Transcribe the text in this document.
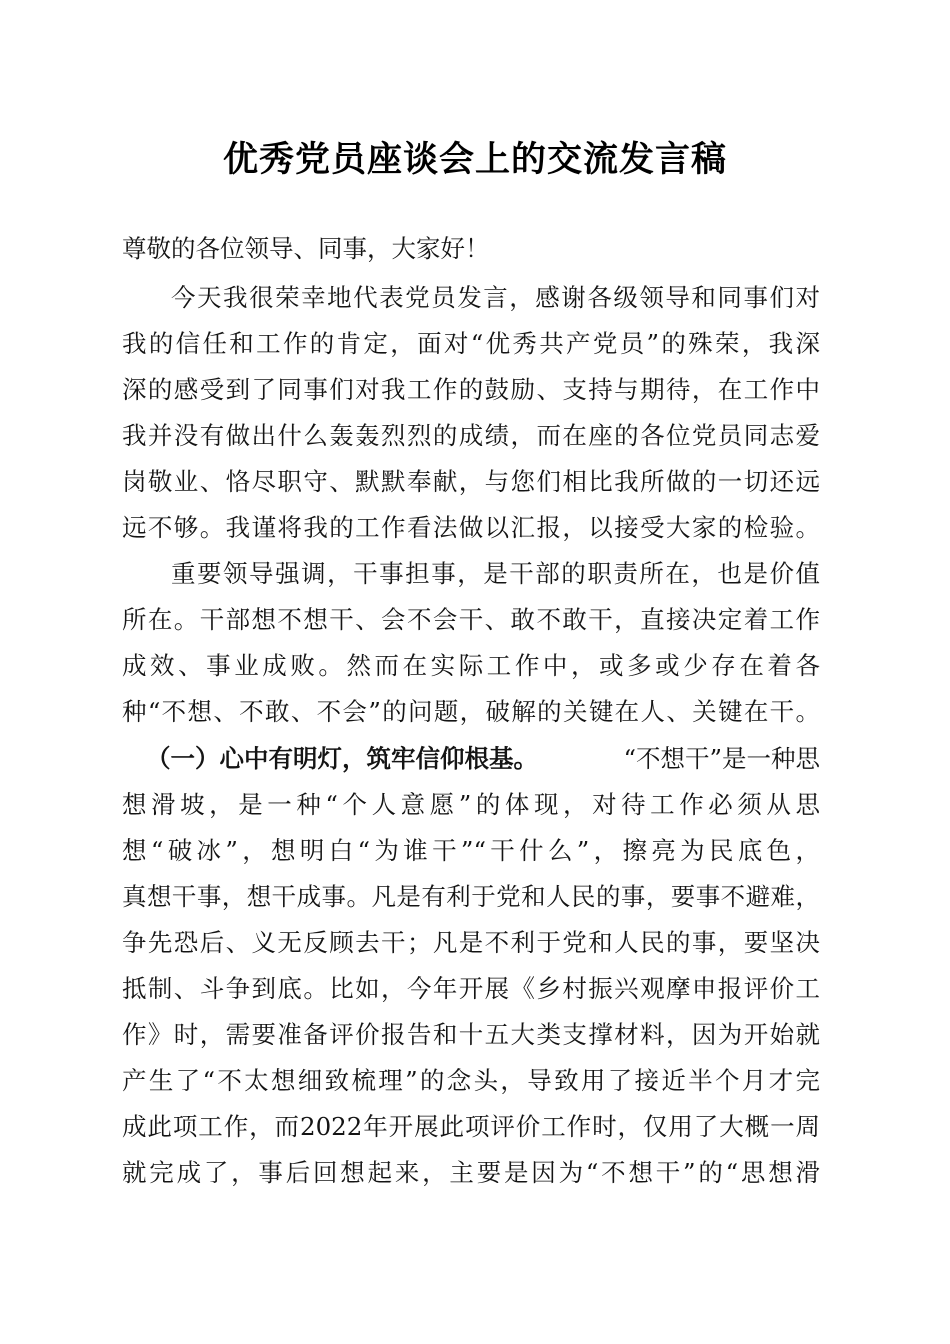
优秀党员座谈会上的交流发言稿
尊敬的各位领导、同事，大家好！
今天我很荣幸地代表党员发言，感谢各级领导和同事们对
我的信任和工作的肯定，面对“优秀共产党员”的殊荣，我深
深的感受到了同事们对我工作的鼓励、支持与期待，在工作中
我并没有做出什么轰轰烈烈的成绩，而在座的各位党员同志爱
岗敬业、恪尽职守、默默奉献，与您们相比我所做的一切还远
远不够。我谨将我的工作看法做以汇报，以接受大家的检验。
重要领导强调，干事担事，是干部的职责所在，也是价值
所在。干部想不想干、会不会干、敢不敢干，直接决定着工作
成效、事业成败。然而在实际工作中，或多或少存在着各
种“不想、不敢、不会”的问题，破解的关键在人、关键在干。
（一）心中有明灯，筑牢信仰根基。	“不想干”是一种思
想滑坡，是一种“个人意愿”的体现，对待工作必须从思
想“破冰”，想明白“为谁干”“干什么”，擦亮为民底色，
真想干事，想干成事。凡是有利于党和人民的事，要事不避难，
争先恐后、义无反顾去干；凡是不利于党和人民的事，要坚决
抵制、斗争到底。比如，今年开展《乡村振兴观摩申报评价工
作》时，需要准备评价报告和十五大类支撑材料，因为开始就
产生了“不太想细致梳理”的念头，导致用了接近半个月才完
成此项工作，而2022年开展此项评价工作时，仅用了大概一周
就完成了，事后回想起来，主要是因为“不想干”的“思想滑
